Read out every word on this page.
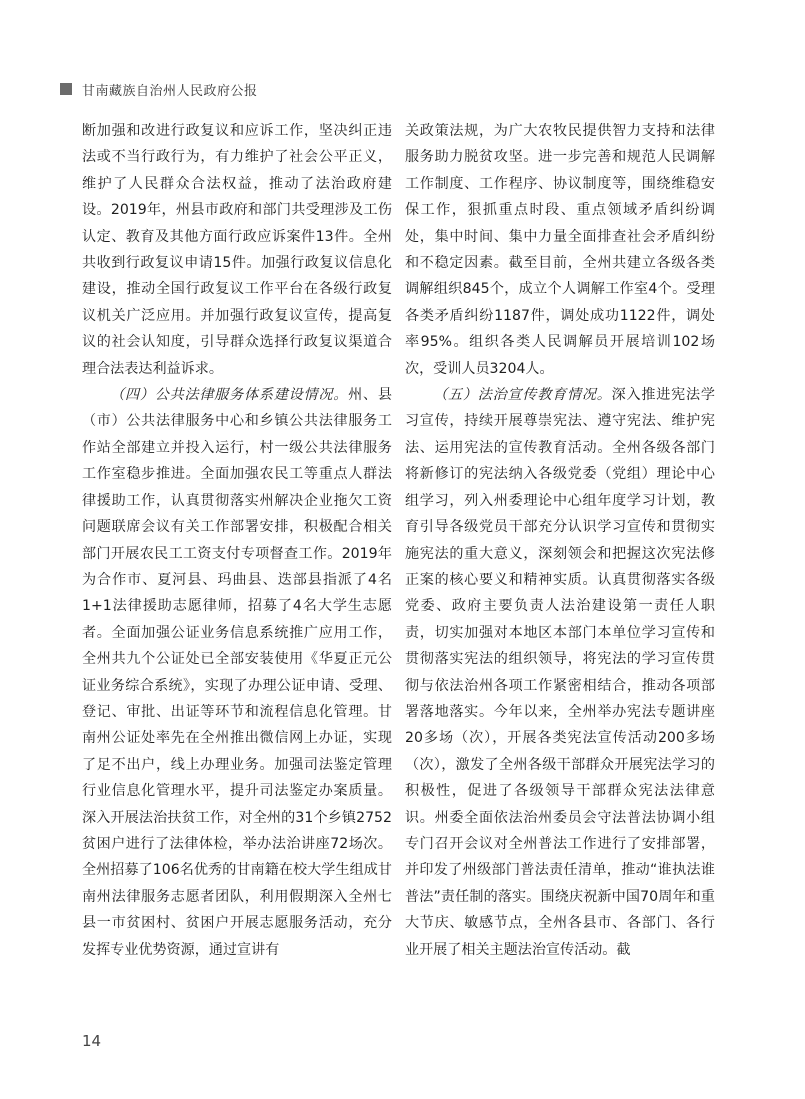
甘南藏族自治州人民政府公报

断加强和改进行政复议和应诉工作，坚决纠正违法或不当行政行为，有力维护了社会公平正义，维护了人民群众合法权益，推动了法治政府建设。2019年，州县市政府和部门共受理涉及工伤认定、教育及其他方面行政应诉案件13件。全州共收到行政复议申请15件。加强行政复议信息化建设，推动全国行政复议工作平台在各级行政复议机关广泛应用。并加强行政复议宣传，提高复议的社会认知度，引导群众选择行政复议渠道合理合法表达利益诉求。

（四）公共法律服务体系建设情况。州、县（市）公共法律服务中心和乡镇公共法律服务工作站全部建立并投入运行，村一级公共法律服务工作室稳步推进。全面加强农民工等重点人群法律援助工作，认真贯彻落实州解决企业拖欠工资问题联席会议有关工作部署安排，积极配合相关部门开展农民工工资支付专项督查工作。2019年为合作市、夏河县、玛曲县、迭部县指派了4名1+1法律援助志愿律师，招募了4名大学生志愿者。全面加强公证业务信息系统推广应用工作，全州共九个公证处已全部安装使用《华夏正元公证业务综合系统》，实现了办理公证申请、受理、登记、审批、出证等环节和流程信息化管理。甘南州公证处率先在全州推出微信网上办证，实现了足不出户，线上办理业务。加强司法鉴定管理行业信息化管理水平，提升司法鉴定办案质量。深入开展法治扶贫工作，对全州的31个乡镇2752贫困户进行了法律体检，举办法治讲座72场次。全州招募了106名优秀的甘南籍在校大学生组成甘南州法律服务志愿者团队，利用假期深入全州七县一市贫困村、贫困户开展志愿服务活动，充分发挥专业优势资源，通过宣讲有

关政策法规，为广大农牧民提供智力支持和法律服务助力脱贫攻坚。进一步完善和规范人民调解工作制度、工作程序、协议制度等，围绕维稳安保工作，狠抓重点时段、重点领域矛盾纠纷调处，集中时间、集中力量全面排查社会矛盾纠纷和不稳定因素。截至目前，全州共建立各级各类调解组织845个，成立个人调解工作室4个。受理各类矛盾纠纷1187件，调处成功1122件，调处率95%。组织各类人民调解员开展培训102场次，受训人员3204人。

（五）法治宣传教育情况。深入推进宪法学习宣传，持续开展尊崇宪法、遵守宪法、维护宪法、运用宪法的宣传教育活动。全州各级各部门将新修订的宪法纳入各级党委（党组）理论中心组学习，列入州委理论中心组年度学习计划，教育引导各级党员干部充分认识学习宣传和贯彻实施宪法的重大意义，深刻领会和把握这次宪法修正案的核心要义和精神实质。认真贯彻落实各级党委、政府主要负责人法治建设第一责任人职责，切实加强对本地区本部门本单位学习宣传和贯彻落实宪法的组织领导，将宪法的学习宣传贯彻与依法治州各项工作紧密相结合，推动各项部署落地落实。今年以来，全州举办宪法专题讲座20多场（次），开展各类宪法宣传活动200多场（次），激发了全州各级干部群众开展宪法学习的积极性，促进了各级领导干部群众宪法法律意识。州委全面依法治州委员会守法普法协调小组专门召开会议对全州普法工作进行了安排部署，并印发了州级部门普法责任清单，推动“谁执法谁普法”责任制的落实。围绕庆祝新中国70周年和重大节庆、敏感节点，全州各县市、各部门、各行业开展了相关主题法治宣传活动。截

14
